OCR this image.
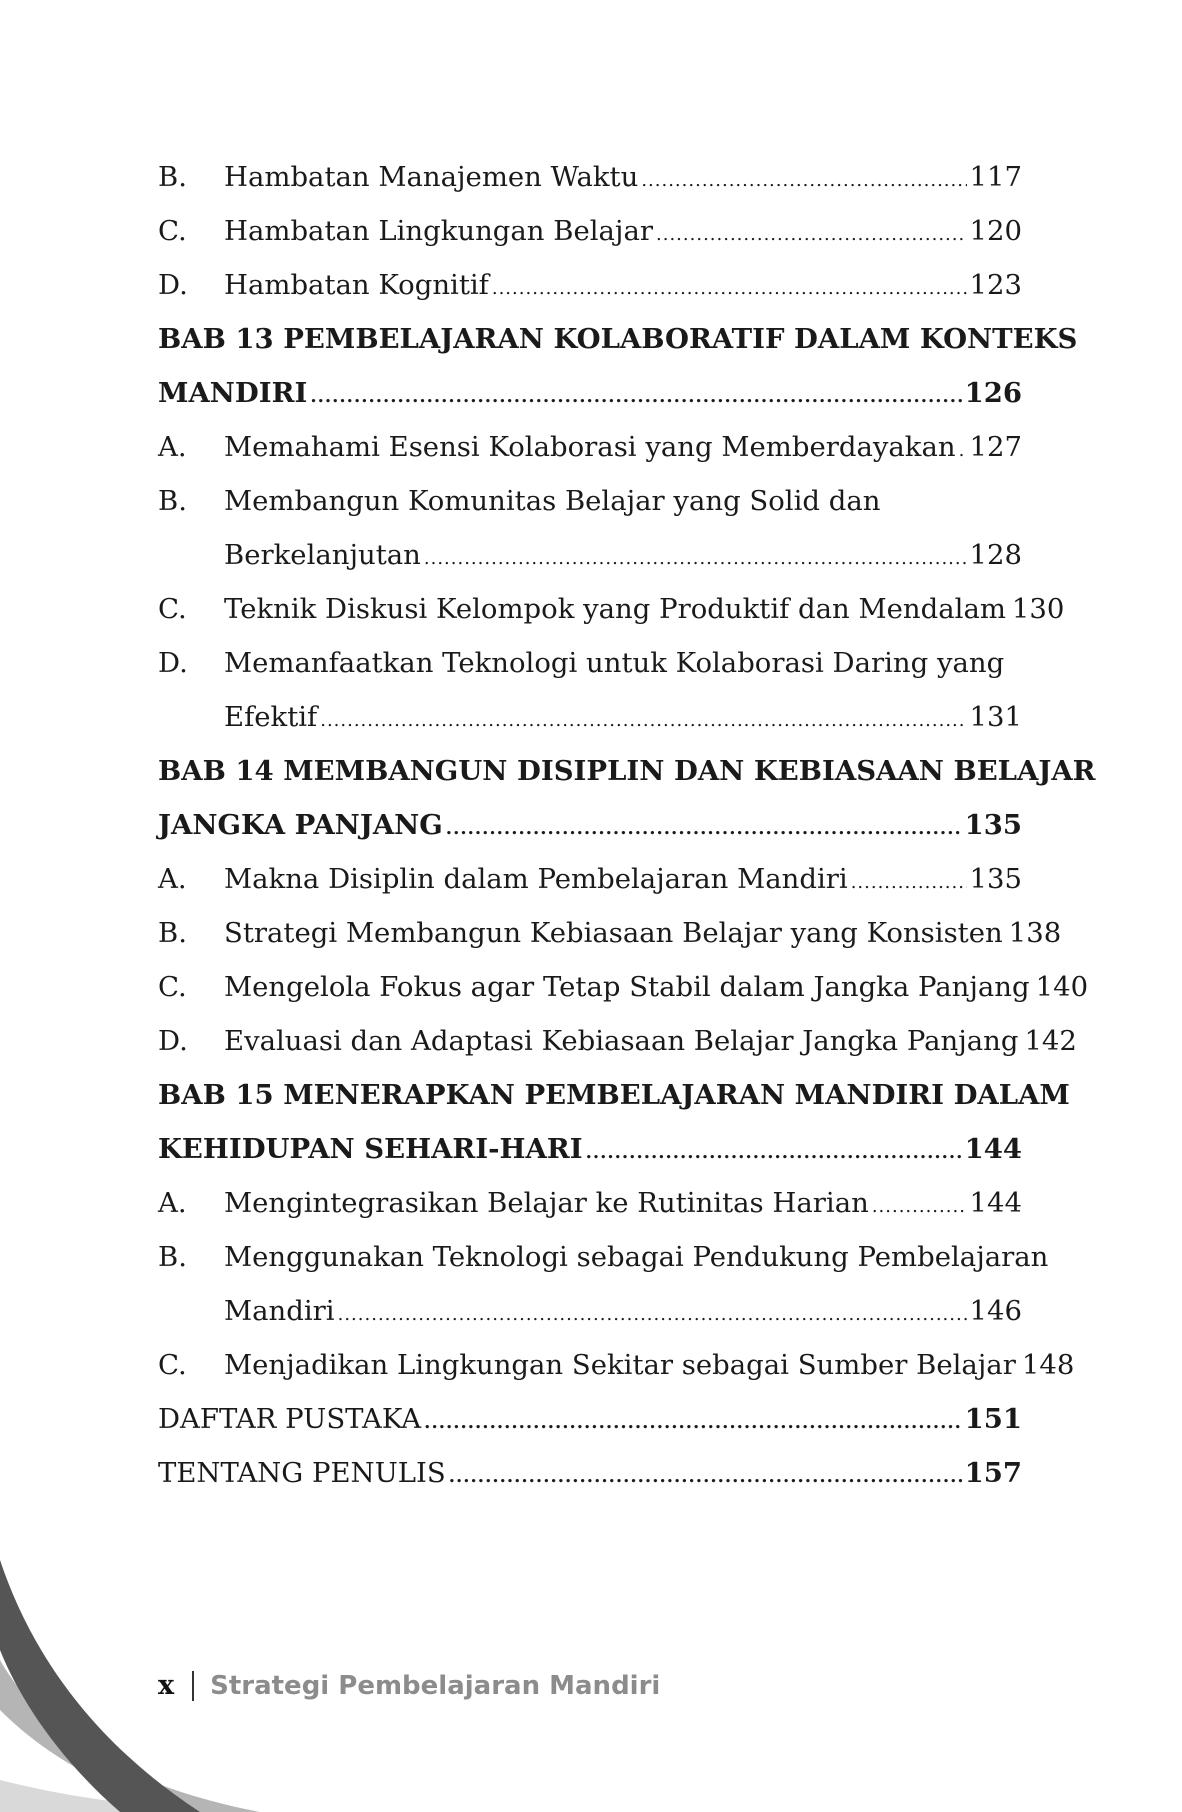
B. Hambatan Manajemen Waktu .....	117
C. Hambatan Lingkungan Belajar .....	120
D. Hambatan Kognitif .....	123
BAB 13 PEMBELAJARAN KOLABORATIF DALAM KONTEKS
MANDIRI .....	126
A. Memahami Esensi Kolaborasi yang Memberdayakan ..... 127
B. Membangun Komunitas Belajar yang Solid dan
Berkelanjutan .....	128
C. Teknik Diskusi Kelompok yang Produktif dan Mendalam 130
D. Memanfaatkan Teknologi untuk Kolaborasi Daring yang
Efektif .....	131
BAB 14 MEMBANGUN DISIPLIN DAN KEBIASAAN BELAJAR
JANGKA PANJANG .....	135
A. Makna Disiplin dalam Pembelajaran Mandiri .....	135
B. Strategi Membangun Kebiasaan Belajar yang Konsisten 138
C. Mengelola Fokus agar Tetap Stabil dalam Jangka Panjang 140
D. Evaluasi dan Adaptasi Kebiasaan Belajar Jangka Panjang 142
BAB 15 MENERAPKAN PEMBELAJARAN MANDIRI DALAM
KEHIDUPAN SEHARI-HARI .....	144
A. Mengintegrasikan Belajar ke Rutinitas Harian .....	144
B. Menggunakan Teknologi sebagai Pendukung Pembelajaran
Mandiri .....	146
C. Menjadikan Lingkungan Sekitar sebagai Sumber Belajar 148
DAFTAR PUSTAKA .....	151
TENTANG PENULIS .....	157
x Strategi Pembelajaran Mandiri
